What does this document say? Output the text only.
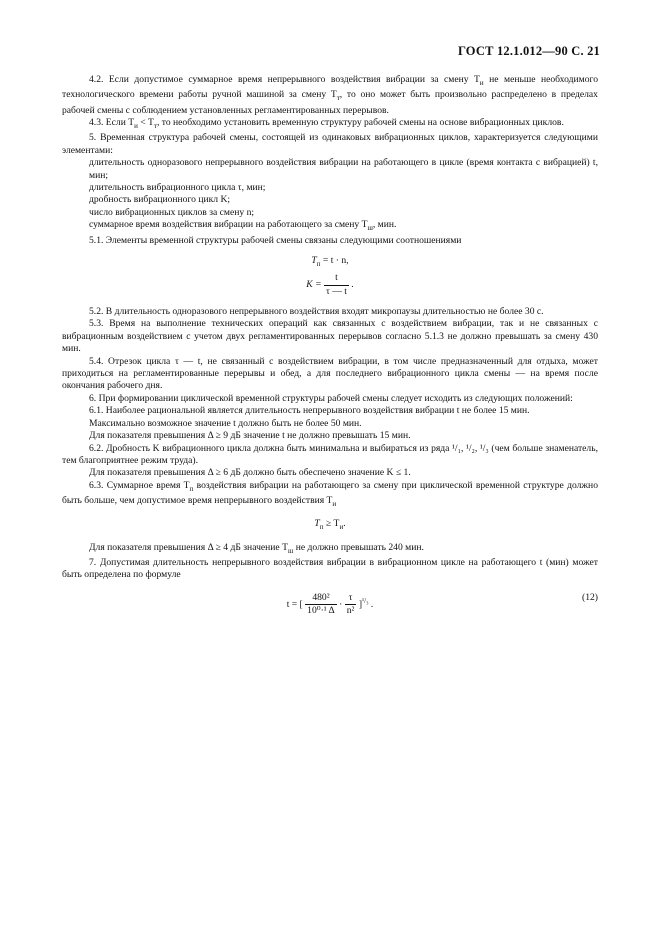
ГОСТ 12.1.012—90 С. 21

4.2. Если допустимое суммарное время непрерывного воздействия вибрации за смену $T_и$ не меньше необходимого технологического времени работы ручной машиной за смену $T_т$, то оно может быть произвольно распределено в пределах рабочей смены с соблюдением установленных регламентированных перерывов.

4.3. Если $T_и < T_т$, то необходимо установить временную структуру рабочей смены на основе вибрационных циклов.

5. Временная структура рабочей смены, состоящей из одинаковых вибрационных циклов, характеризуется следующими элементами:

длительность одноразового непрерывного воздействия вибрации на работающего в цикле (время контакта с вибрацией) t, мин;

длительность вибрационного цикла τ, мин;

дробность вибрационного цикл K;

число вибрационных циклов за смену n;

суммарное время воздействия вибрации на работающего за смену $T_ш$, мин.

5.1. Элементы временной структуры рабочей смены связаны следующими соотношениями

$T_п = t \cdot n$,
$K = \frac{t}{\tau — t}$ .

5.2. В длительность одноразового непрерывного воздействия входят микропаузы длительностью не более 30 с.

5.3. Время на выполнение технических операций как связанных с воздействием вибрации, так и не связанных с вибрационным воздействием с учетом двух регламентированных перерывов согласно 5.1.3 не должно превышать за смену 430 мин.

5.4. Отрезок цикла τ — t, не связанный с воздействием вибрации, в том числе предназначенный для отдыха, может приходиться на регламентированные перерывы и обед, а для последнего вибрационного цикла смены — на время после окончания рабочего дня.

6. При формировании циклической временной структуры рабочей смены следует исходить из следующих положений:

6.1. Наиболее рациональной является длительность непрерывного воздействия вибрации t не более 15 мин.

Максимально возможное значение t должно быть не более 50 мин.

Для показателя превышения Δ ≥ 9 дБ значение t не должно превышать 15 мин.

6.2. Дробность K вибрационного цикла должна быть минимальна и выбираться из ряда ¹/₁, ¹/₂, ¹/₃ (чем больше знаменатель, тем благоприятнее режим труда).

Для показателя превышения Δ ≥ 6 дБ должно быть обеспечено значение K ≤ 1.

6.3. Суммарное время $T_п$ воздействия вибрации на работающего за смену при циклической временной структуре должно быть больше, чем допустимое время непрерывного воздействия $T_и$

$T_п \ge T_и$.

Для показателя превышения Δ ≥ 4 дБ значение $T_ш$ не должно превышать 240 мин.

7. Допустимая длительность непрерывного воздействия вибрации в вибрационном цикле на работающего t (мин) может быть определена по формуле

t = [ $\frac{\text{480²}}{\text{10⁰·¹ Δ}} \cdot \frac{\tau}{\text{n²}} ]^{^1/_3}$ .
(12)
